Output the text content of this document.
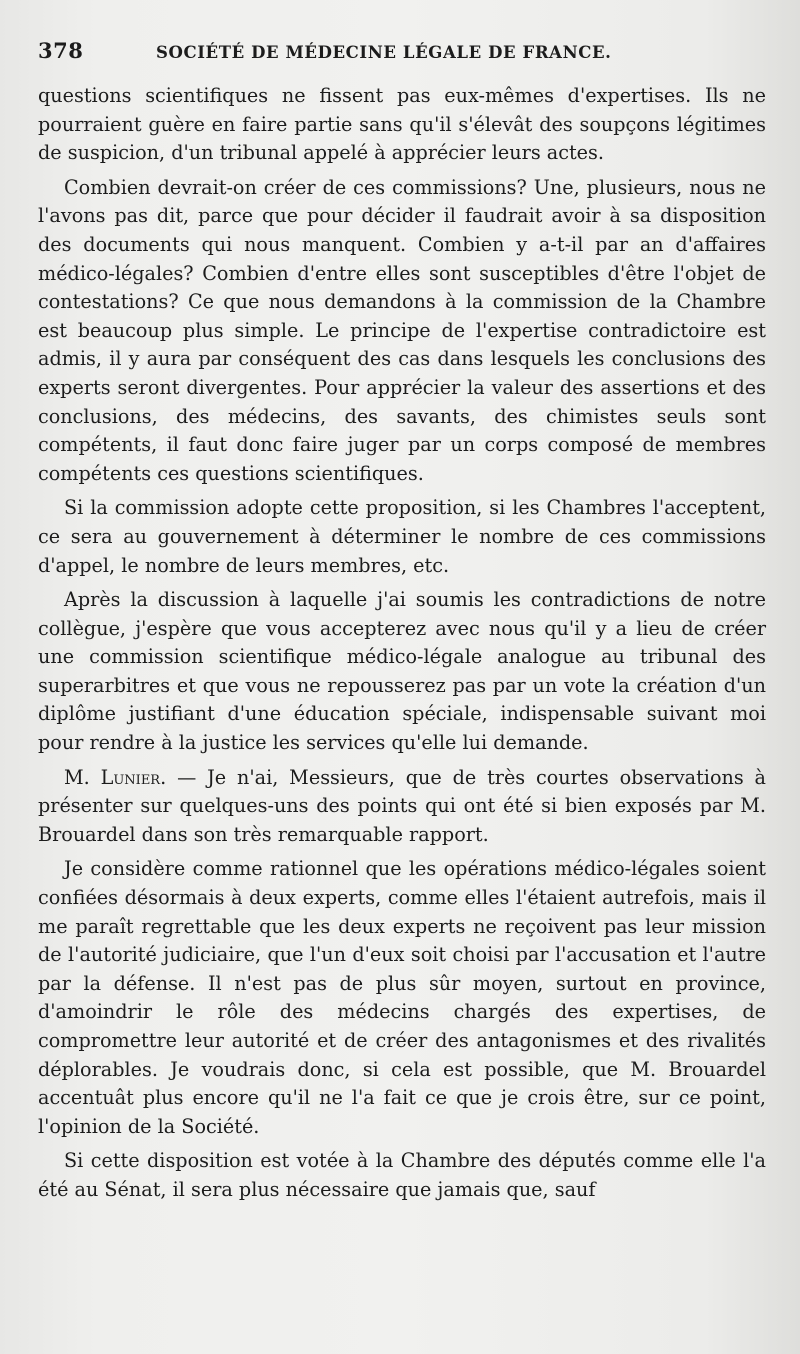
378	SOCIÉTÉ DE MÉDECINE LÉGALE DE FRANCE.

questions scientifiques ne fissent pas eux-mêmes d'expertises. Ils ne pourraient guère en faire partie sans qu'il s'élevât des soupçons légitimes de suspicion, d'un tribunal appelé à apprécier leurs actes.

Combien devrait-on créer de ces commissions? Une, plusieurs, nous ne l'avons pas dit, parce que pour décider il faudrait avoir à sa disposition des documents qui nous manquent. Combien y a-t-il par an d'affaires médico-légales? Combien d'entre elles sont susceptibles d'être l'objet de contestations? Ce que nous demandons à la commission de la Chambre est beaucoup plus simple. Le principe de l'expertise contradictoire est admis, il y aura par conséquent des cas dans lesquels les conclusions des experts seront divergentes. Pour apprécier la valeur des assertions et des conclusions, des médecins, des savants, des chimistes seuls sont compétents, il faut donc faire juger par un corps composé de membres compétents ces questions scientifiques.

Si la commission adopte cette proposition, si les Chambres l'acceptent, ce sera au gouvernement à déterminer le nombre de ces commissions d'appel, le nombre de leurs membres, etc.

Après la discussion à laquelle j'ai soumis les contradictions de notre collègue, j'espère que vous accepterez avec nous qu'il y a lieu de créer une commission scientifique médico-légale analogue au tribunal des superarbitres et que vous ne repousserez pas par un vote la création d'un diplôme justifiant d'une éducation spéciale, indispensable suivant moi pour rendre à la justice les services qu'elle lui demande.

M. Lunier. — Je n'ai, Messieurs, que de très courtes observations à présenter sur quelques-uns des points qui ont été si bien exposés par M. Brouardel dans son très remarquable rapport.

Je considère comme rationnel que les opérations médico-légales soient confiées désormais à deux experts, comme elles l'étaient autrefois, mais il me paraît regrettable que les deux experts ne reçoivent pas leur mission de l'autorité judiciaire, que l'un d'eux soit choisi par l'accusation et l'autre par la défense. Il n'est pas de plus sûr moyen, surtout en province, d'amoindrir le rôle des médecins chargés des expertises, de compromettre leur autorité et de créer des antagonismes et des rivalités déplorables. Je voudrais donc, si cela est possible, que M. Brouardel accentuât plus encore qu'il ne l'a fait ce que je crois être, sur ce point, l'opinion de la Société.

Si cette disposition est votée à la Chambre des députés comme elle l'a été au Sénat, il sera plus nécessaire que jamais que, sauf
